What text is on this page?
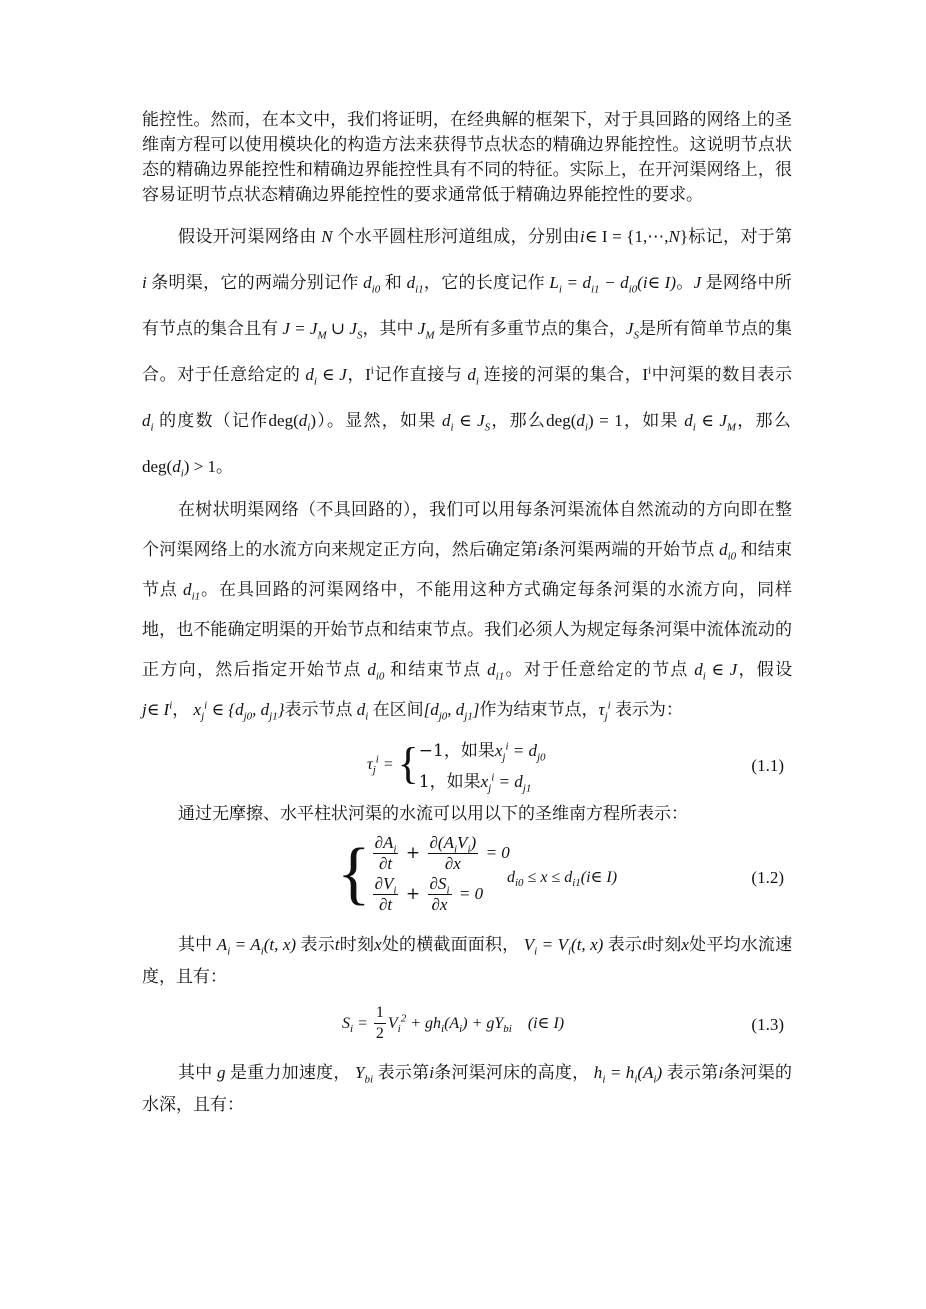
能控性。然而，在本文中，我们将证明，在经典解的框架下，对于具回路的网络上的圣维南方程可以使用模块化的构造方法来获得节点状态的精确边界能控性。这说明节点状态的精确边界能控性和精确边界能控性具有不同的特征。实际上，在开河渠网络上，很容易证明节点状态精确边界能控性的要求通常低于精确边界能控性的要求。

假设开河渠网络由 N 个水平圆柱形河道组成，分别由i∈ I = {1,⋯,N}标记，对于第 i 条明渠，它的两端分别记作 $d_{i0}$ 和 $d_{i1}$，它的长度记作 $L_i = d_{i1}$ − $d_{i0}(i\in$ I)。J 是网络中所有节点的集合且有 $J = J_M$ ∪ $J_S$，其中 $J_M$ 是所有多重节点的集合，$J_S$是所有简单节点的集合。对于任意给定的 $d_i$ ∈ J，$I^i$记作直接与 $d_i$ 连接的河渠的集合，$I^i$中河渠的数目表示 $d_i$ 的度数（记作$deg(d_i)$）。显然，如果 $d_i$ ∈ $J_S$，那么$deg(d_i) = 1$，如果 $d_i$ ∈ $J_M$，那么$deg(d_i) > 1$。

在树状明渠网络（不具回路的），我们可以用每条河渠流体自然流动的方向即在整个河渠网络上的水流方向来规定正方向，然后确定第i条河渠两端的开始节点 $d_{i0}$ 和结束节点 $d_{i1}$。在具回路的河渠网络中，不能用这种方式确定每条河渠的水流方向，同样地，也不能确定明渠的开始节点和结束节点。我们必须人为规定每条河渠中流体流动的正方向，然后指定开始节点 $d_{i0}$ 和结束节点 $d_{i1}$。对于任意给定的节点 $d_i$ ∈ J，假设 j∈ $I^i$， $x_j^i$ ∈ {$d_{j0}$, $d_{j1}$}表示节点 $d_i$ 在区间[$d_{j0}$, $d_{j1}$]作为结束节点，$\tau_j^i$ 表示为：

$\tau_j^i$ = { −1，如果$x_j^i = d_{j0}$
1，如果$x_j^i = d_{j1}$
(1.1)

通过无摩擦、水平柱状河渠的水流可以用以下的圣维南方程所表示：

{ $\frac{\partial A_i}{\partial t} + \frac{\partial(A_iV_i)}{\partial x} = 0$
$\frac{\partial V_i}{\partial t} + \frac{\partial S_i}{\partial x} = 0$
$d_{i0} \le x$ ≤ $d_{i1}(i\in$ I)	(1.2)

其中 $A_i = A_i(t$, x) 表示t时刻x处的横截面面积， $V_i = V_i(t$, x) 表示t时刻x处平均水流速度，且有：

$S_i = \frac{1}{2} V_i^2 + gh_i(A_i) + gY_{bi}$    (i∈ I)	(1.3)

其中 g 是重力加速度， $Y_{bi}$ 表示第i条河渠河床的高度， $h_i = h_i(A_i)$ 表示第i条河渠的水深，且有：
